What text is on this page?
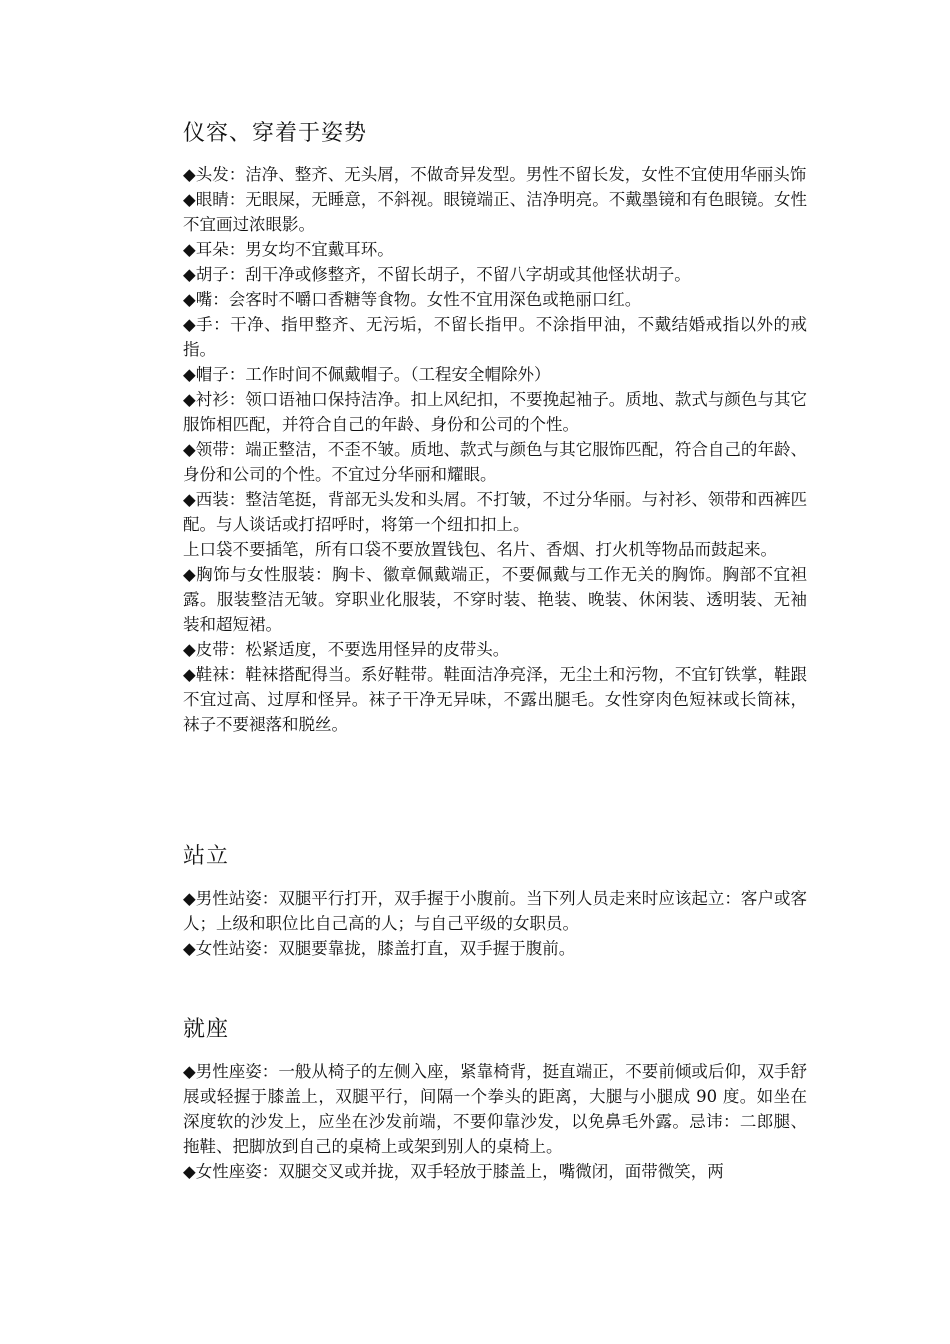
仪容、穿着于姿势

◆头发：洁净、整齐、无头屑，不做奇异发型。男性不留长发，女性不宜使用华丽头饰

◆眼睛：无眼屎，无睡意，不斜视。眼镜端正、洁净明亮。不戴墨镜和有色眼镜。女性不宜画过浓眼影。

◆耳朵：男女均不宜戴耳环。

◆胡子：刮干净或修整齐，不留长胡子，不留八字胡或其他怪状胡子。

◆嘴：会客时不嚼口香糖等食物。女性不宜用深色或艳丽口红。

◆手：干净、指甲整齐、无污垢，不留长指甲。不涂指甲油，不戴结婚戒指以外的戒指。

◆帽子：工作时间不佩戴帽子。（工程安全帽除外）

◆衬衫：领口语袖口保持洁净。扣上风纪扣，不要挽起袖子。质地、款式与颜色与其它服饰相匹配，并符合自己的年龄、身份和公司的个性。

◆领带：端正整洁，不歪不皱。质地、款式与颜色与其它服饰匹配，符合自己的年龄、身份和公司的个性。不宜过分华丽和耀眼。

◆西装：整洁笔挺，背部无头发和头屑。不打皱，不过分华丽。与衬衫、领带和西裤匹配。与人谈话或打招呼时，将第一个纽扣扣上。

上口袋不要插笔，所有口袋不要放置钱包、名片、香烟、打火机等物品而鼓起来。

◆胸饰与女性服装：胸卡、徽章佩戴端正，不要佩戴与工作无关的胸饰。胸部不宜袒露。服装整洁无皱。穿职业化服装，不穿时装、艳装、晚装、休闲装、透明装、无袖装和超短裙。

◆皮带：松紧适度，不要选用怪异的皮带头。

◆鞋袜：鞋袜搭配得当。系好鞋带。鞋面洁净亮泽，无尘土和污物，不宜钉铁掌，鞋跟不宜过高、过厚和怪异。袜子干净无异味，不露出腿毛。女性穿肉色短袜或长筒袜，袜子不要褪落和脱丝。

站立

◆男性站姿：双腿平行打开，双手握于小腹前。当下列人员走来时应该起立：客户或客人；上级和职位比自己高的人；与自己平级的女职员。

◆女性站姿：双腿要靠拢，膝盖打直，双手握于腹前。

就座

◆男性座姿：一般从椅子的左侧入座，紧靠椅背，挺直端正，不要前倾或后仰，双手舒展或轻握于膝盖上，双腿平行，间隔一个拳头的距离，大腿与小腿成 90 度。如坐在深度软的沙发上，应坐在沙发前端，不要仰靠沙发，以免鼻毛外露。忌讳：二郎腿、拖鞋、把脚放到自己的桌椅上或架到别人的桌椅上。

◆女性座姿：双腿交叉或并拢，双手轻放于膝盖上，嘴微闭，面带微笑，两
